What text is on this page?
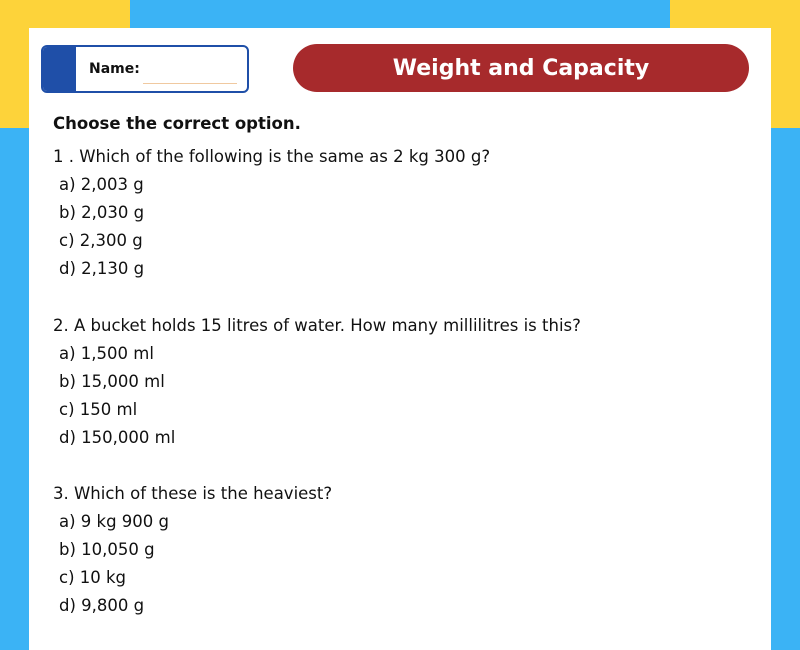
Name:	Weight and Capacity
Choose the correct option.
1 . Which of the following is the same as 2 kg 300 g?
a) 2,003 g
b) 2,030 g
c) 2,300 g
d) 2,130 g
2. A bucket holds 15 litres of water. How many millilitres is this?
a) 1,500 ml
b) 15,000 ml
c) 150 ml
d) 150,000 ml
3. Which of these is the heaviest?
a) 9 kg 900 g
b) 10,050 g
c) 10 kg
d) 9,800 g
